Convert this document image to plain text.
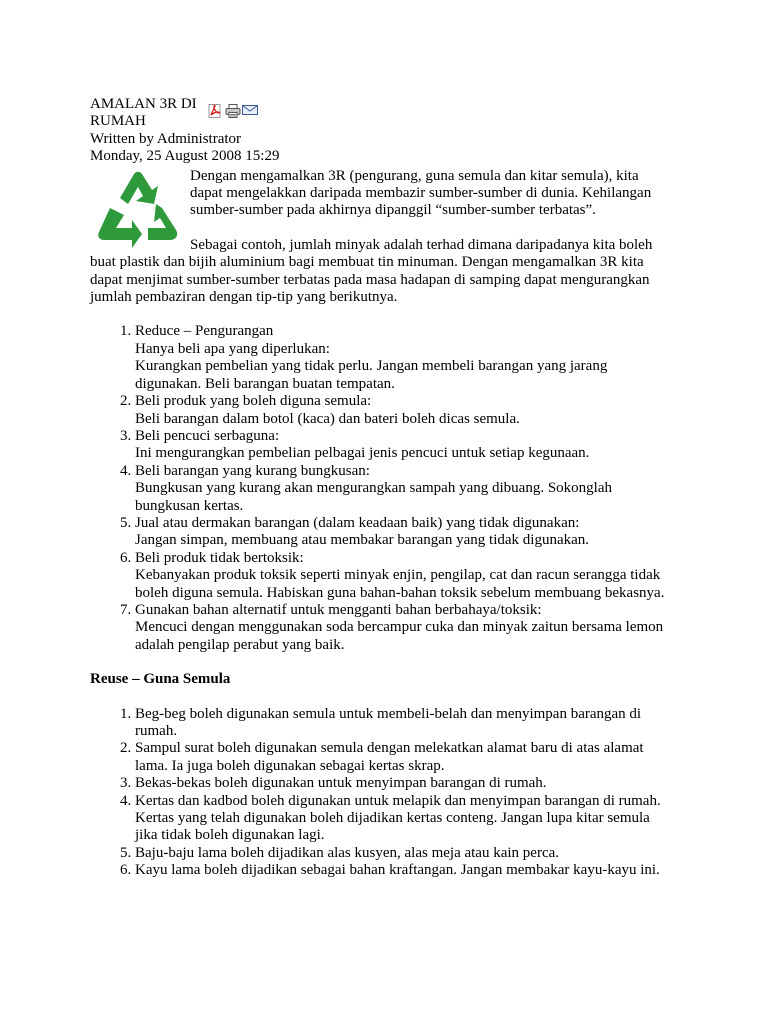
AMALAN 3R DI RUMAH
Written by Administrator
Monday, 25 August 2008 15:29
Dengan mengamalkan 3R (pengurang, guna semula dan kitar semula), kita dapat mengelakkan daripada membazir sumber-sumber di dunia. Kehilangan sumber-sumber pada akhirnya dipanggil “sumber-sumber terbatas”.
Sebagai contoh, jumlah minyak adalah terhad dimana daripadanya kita boleh buat plastik dan bijih aluminium bagi membuat tin minuman. Dengan mengamalkan 3R kita dapat menjimat sumber-sumber terbatas pada masa hadapan di samping dapat mengurangkan jumlah pembaziran dengan tip-tip yang berikutnya.
1. Reduce – Pengurangan
Hanya beli apa yang diperlukan:
Kurangkan pembelian yang tidak perlu. Jangan membeli barangan yang jarang digunakan. Beli barangan buatan tempatan.
2. Beli produk yang boleh diguna semula:
Beli barangan dalam botol (kaca) dan bateri boleh dicas semula.
3. Beli pencuci serbaguna:
Ini mengurangkan pembelian pelbagai jenis pencuci untuk setiap kegunaan.
4. Beli barangan yang kurang bungkusan:
Bungkusan yang kurang akan mengurangkan sampah yang dibuang. Sokonglah bungkusan kertas.
5. Jual atau dermakan barangan (dalam keadaan baik) yang tidak digunakan:
Jangan simpan, membuang atau membakar barangan yang tidak digunakan.
6. Beli produk tidak bertoksik:
Kebanyakan produk toksik seperti minyak enjin, pengilap, cat dan racun serangga tidak boleh diguna semula. Habiskan guna bahan-bahan toksik sebelum membuang bekasnya.
7. Gunakan bahan alternatif untuk mengganti bahan berbahaya/toksik:
Mencuci dengan menggunakan soda bercampur cuka dan minyak zaitun bersama lemon adalah pengilap perabut yang baik.
Reuse – Guna Semula
1. Beg-beg boleh digunakan semula untuk membeli-belah dan menyimpan barangan di rumah.
2. Sampul surat boleh digunakan semula dengan melekatkan alamat baru di atas alamat lama. Ia juga boleh digunakan sebagai kertas skrap.
3. Bekas-bekas boleh digunakan untuk menyimpan barangan di rumah.
4. Kertas dan kadbod boleh digunakan untuk melapik dan menyimpan barangan di rumah. Kertas yang telah digunakan boleh dijadikan kertas conteng. Jangan lupa kitar semula jika tidak boleh digunakan lagi.
5. Baju-baju lama boleh dijadikan alas kusyen, alas meja atau kain perca.
6. Kayu lama boleh dijadikan sebagai bahan kraftangan. Jangan membakar kayu-kayu ini.
